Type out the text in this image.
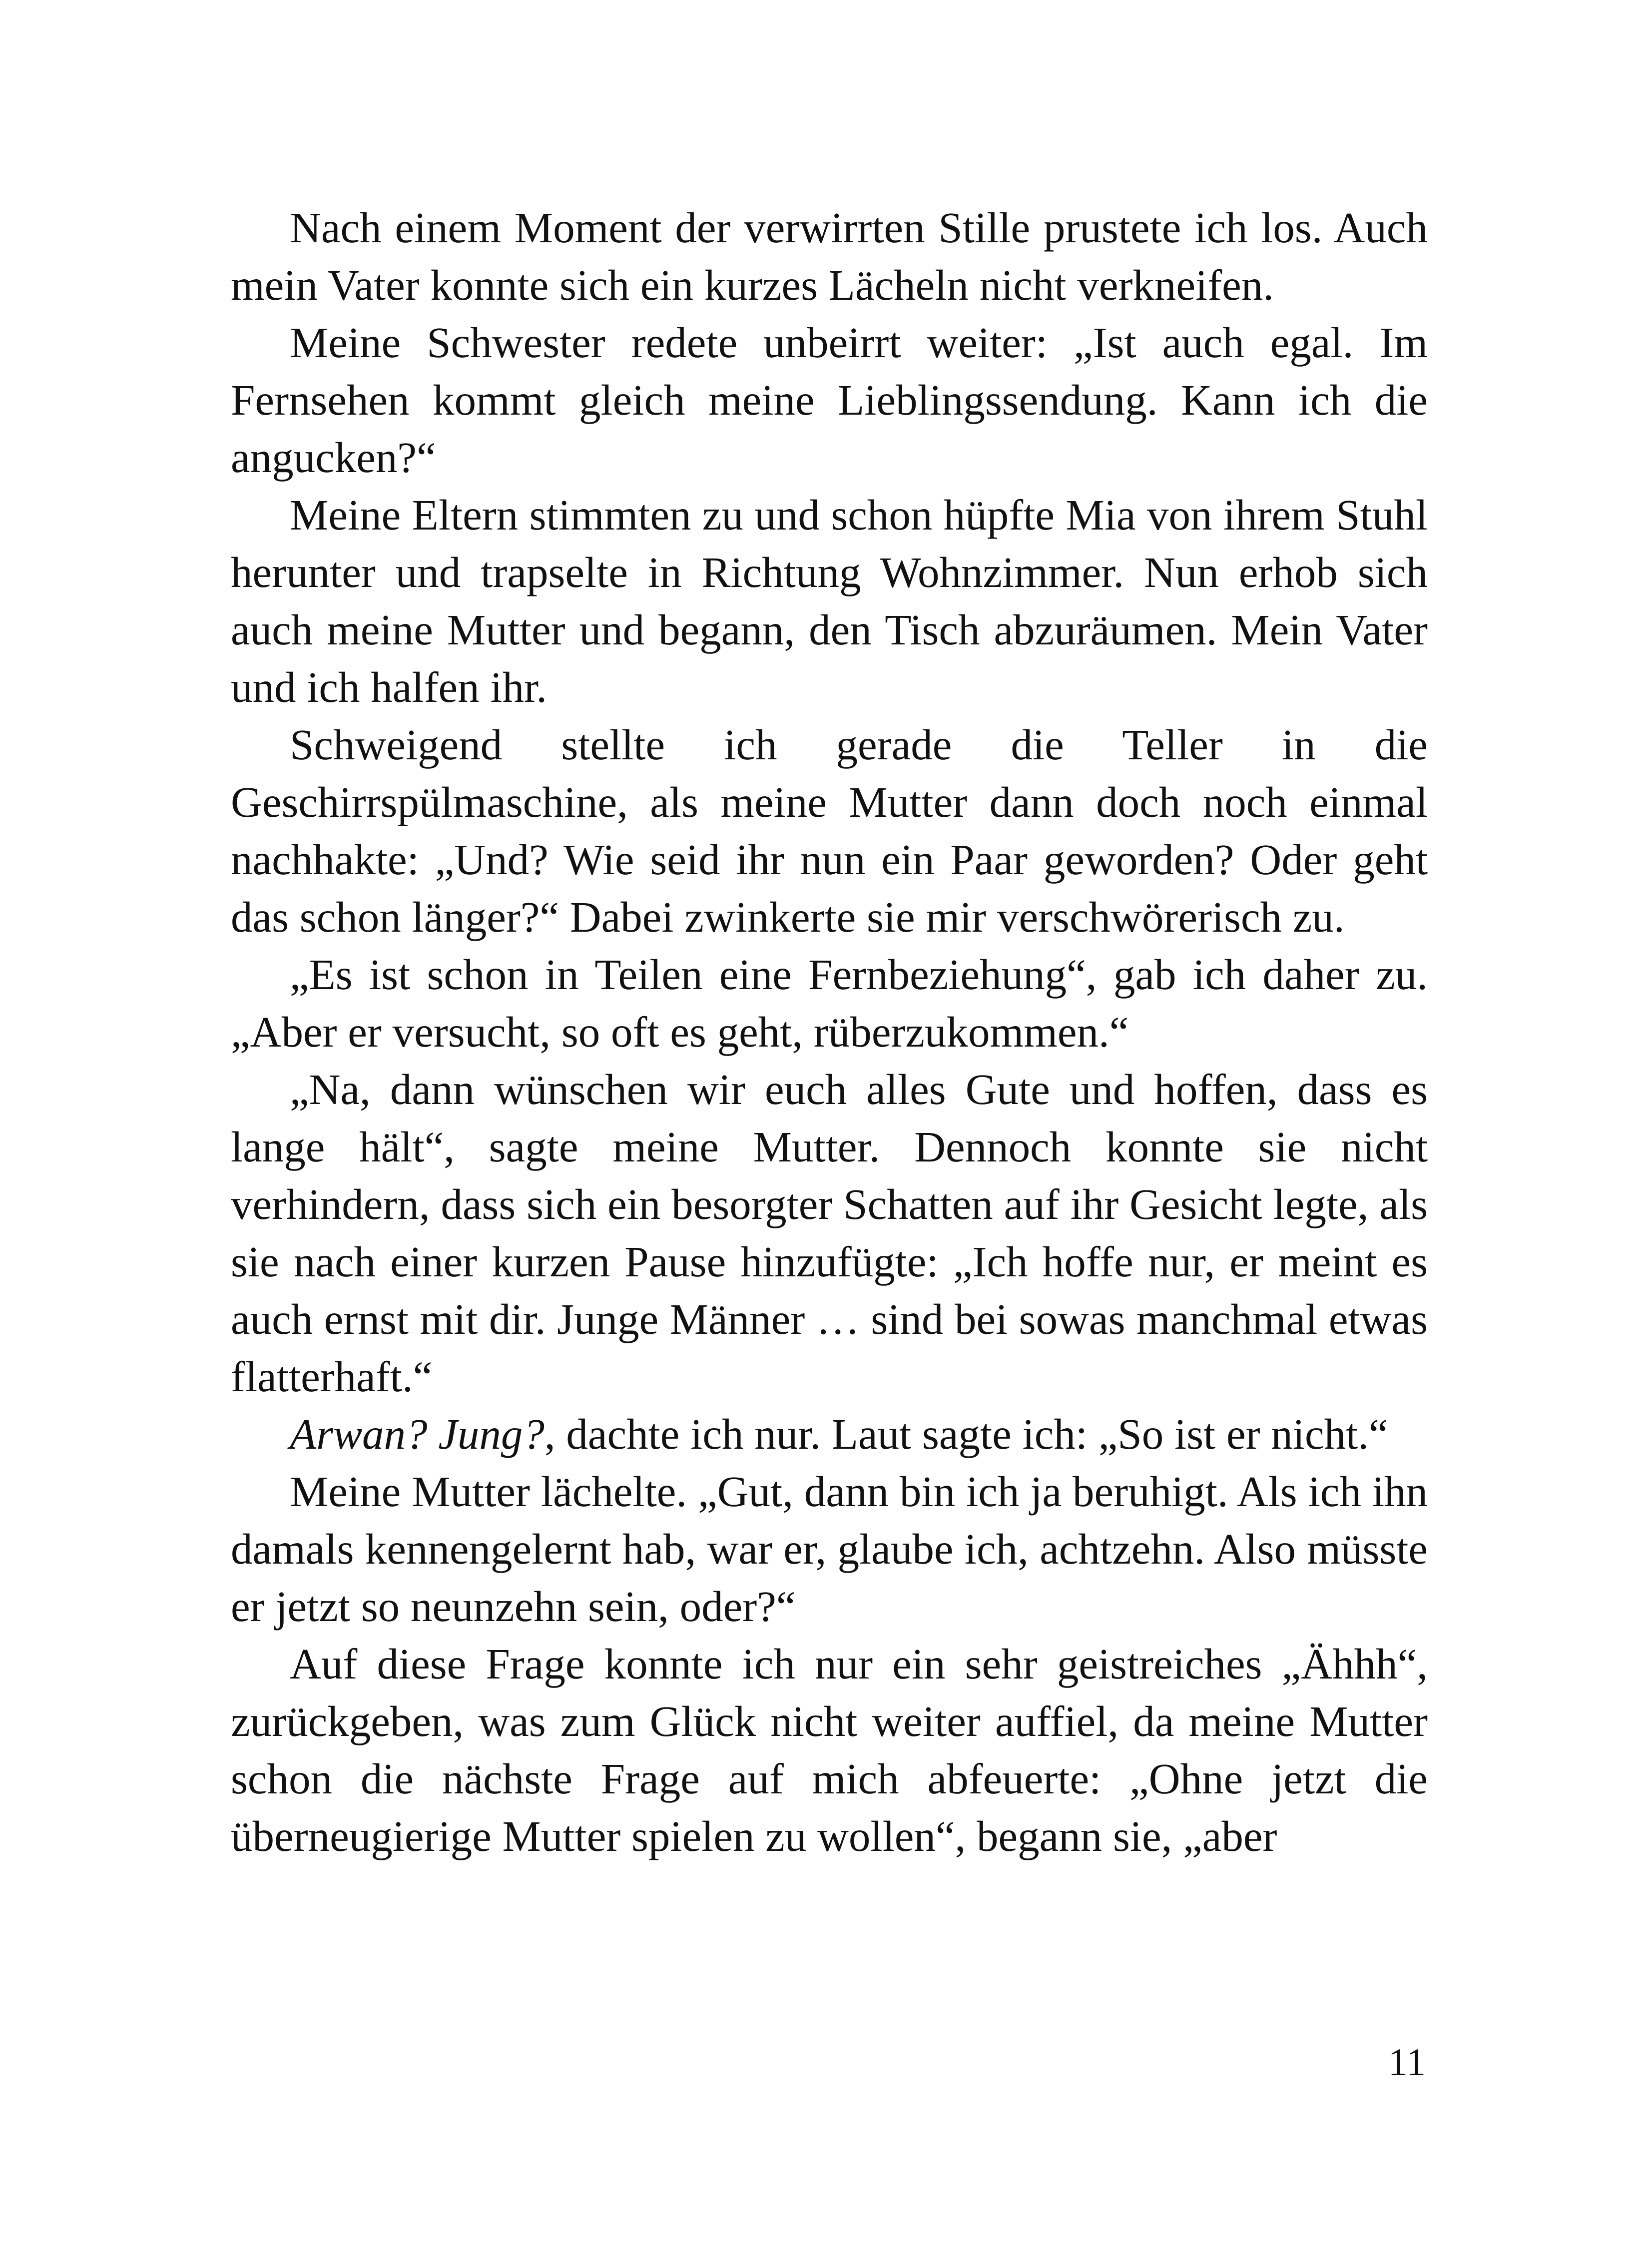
Nach einem Moment der verwirrten Stille prustete ich los. Auch mein Vater konnte sich ein kurzes Lächeln nicht verkneifen.

Meine Schwester redete unbeirrt weiter: „Ist auch egal. Im Fernsehen kommt gleich meine Lieblingssendung. Kann ich die angucken?“

Meine Eltern stimmten zu und schon hüpfte Mia von ihrem Stuhl herunter und trapselte in Richtung Wohnzimmer. Nun erhob sich auch meine Mutter und begann, den Tisch abzuräumen. Mein Vater und ich halfen ihr.

Schweigend stellte ich gerade die Teller in die Geschirrspülmaschine, als meine Mutter dann doch noch einmal nachhakte: „Und? Wie seid ihr nun ein Paar geworden? Oder geht das schon länger?“ Dabei zwinkerte sie mir verschwörerisch zu.

„Es ist schon in Teilen eine Fernbeziehung“, gab ich daher zu. „Aber er versucht, so oft es geht, rüberzukommen.“

„Na, dann wünschen wir euch alles Gute und hoffen, dass es lange hält“, sagte meine Mutter. Dennoch konnte sie nicht verhindern, dass sich ein besorgter Schatten auf ihr Gesicht legte, als sie nach einer kurzen Pause hinzufügte: „Ich hoffe nur, er meint es auch ernst mit dir. Junge Männer … sind bei sowas manchmal etwas flatterhaft.“

Arwan? Jung?, dachte ich nur. Laut sagte ich: „So ist er nicht.“

Meine Mutter lächelte. „Gut, dann bin ich ja beruhigt. Als ich ihn damals kennengelernt hab, war er, glaube ich, achtzehn. Also müsste er jetzt so neunzehn sein, oder?“

Auf diese Frage konnte ich nur ein sehr geistreiches „Ähhh“, zurückgeben, was zum Glück nicht weiter auffiel, da meine Mutter schon die nächste Frage auf mich abfeuerte: „Ohne jetzt die überneugierige Mutter spielen zu wollen“, begann sie, „aber

11
